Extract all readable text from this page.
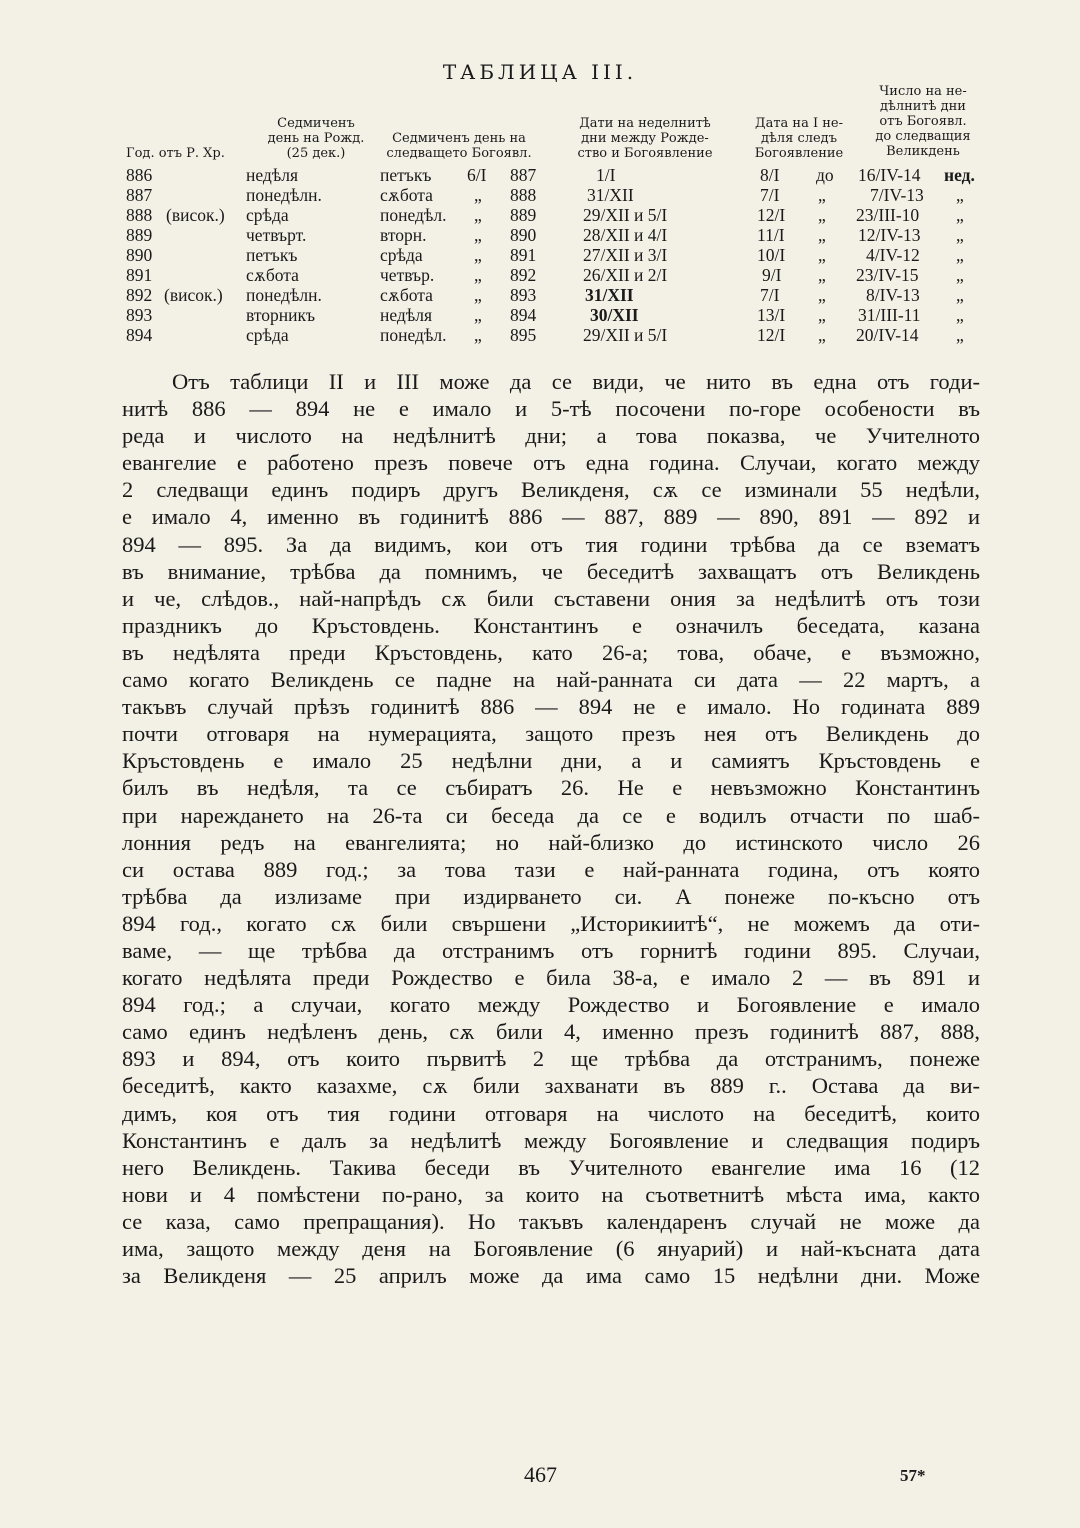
ТАБЛИЦА III.
Год. отъ Р. Хр.
Седмиченъ
день на Рожд.
(25 дек.)
Седмиченъ день на
следващето Богоявл.
Дати на неделнитѣ
дни между Рожде-
ство и Богоявление
Дата на I не-
дѣля следъ
Богоявление
Число на не-
дѣлнитѣ дни
отъ Богоявл.
до следващия
Великдень
886	недѣля	петъкъ 6/I 887	1/I	8/I до 16/IV-14 нед.
887	понедѣлн.	сѫбота „ 888	31/XII	7/I „	7/IV-13 „
888 (висок.) срѣда	понедѣл. „ 889	29/XII и 5/I	12/I „ 23/III-10 „
889	четвърт.	вторн.	„ 890	28/XII и 4/I	11/I „ 12/IV-13 „
890	петъкъ	срѣда	„ 891	27/XII и 3/I	10/I „ 4/IV-12 „
891	сѫбота	четвър. „ 892	26/XII и 2/I	9/I „ 23/IV-15 „
892 (висок.) понедѣлн.	сѫбота „ 893	31/XII	7/I „ 8/IV-13 „
893	вторникъ	недѣля „ 894	30/XII	13/I „ 31/III-11 „
894	срѣда	понедѣл. „ 895	29/XII и 5/I	12/I „ 20/IV-14 „

Отъ таблици II и III може да се види, че нито въ една отъ годи-

нитѣ 886 — 894 не е имало и 5-тѣ посочени по-горе особености въ

реда и числото на недѣлнитѣ дни; а това показва, че Учителното

евангелие е работено презъ повече отъ една година. Случаи, когато между

2 следващи единъ подиръ другъ Великденя, сѫ се изминали 55 недѣли,

е имало 4, именно въ годинитѣ 886 — 887, 889 — 890, 891 — 892 и

894 — 895. За да видимъ, кои отъ тия години трѣбва да се взематъ

въ внимание, трѣбва да помнимъ, че беседитѣ захващатъ отъ Великдень

и че, слѣдов., най-напрѣдъ сѫ били съставени ония за недѣлитѣ отъ този

праздникъ до Кръстовдень. Константинъ е означилъ беседата, казана

въ недѣлята преди Кръстовдень, като 26-а; това, обаче, е възможно,

само когато Великдень се падне на най-ранната си дата — 22 мартъ, а

такъвъ случай прѣзъ годинитѣ 886 — 894 не е имало. Но годината 889

почти отговаря на нумерацията, защото презъ нея отъ Великдень до

Кръстовдень е имало 25 недѣлни дни, а и самиятъ Кръстовдень е

билъ въ недѣля, та се събиратъ 26. Не е невъзможно Константинъ

при нареждането на 26-та си беседа да се е водилъ отчасти по шаб-

лонния редъ на евангелията; но най-близко до истинското число 26

си остава 889 год.; за това тази е най-ранната година, отъ която

трѣбва да излизаме при издирването си. А понеже по-късно отъ

894 год., когато сѫ били свършени „Историкиитѣ“, не можемъ да оти-

ваме, — ще трѣбва да отстранимъ отъ горнитѣ години 895. Случаи,

когато недѣлята преди Рождество е била 38-а, е имало 2 — въ 891 и

894 год.; а случаи, когато между Рождество и Богоявление е имало

само единъ недѣленъ день, сѫ били 4, именно презъ годинитѣ 887, 888,

893 и 894, отъ които първитѣ 2 ще трѣбва да отстранимъ, понеже

беседитѣ, както казахме, сѫ били захванати въ 889 г.. Остава да ви-

димъ, коя отъ тия години отговаря на числото на беседитѣ, които

Константинъ е далъ за недѣлитѣ между Богоявление и следващия подиръ

него Великдень. Такива беседи въ Учителното евангелие има 16 (12

нови и 4 помѣстени по-рано, за които на съответнитѣ мѣста има, както

се каза, само препращания). Но такъвъ календаренъ случай не може да

има, защото между деня на Богоявление (6 януарий) и най-късната дата

за Великденя — 25 априлъ може да има само 15 недѣлни дни. Може

467	57*
